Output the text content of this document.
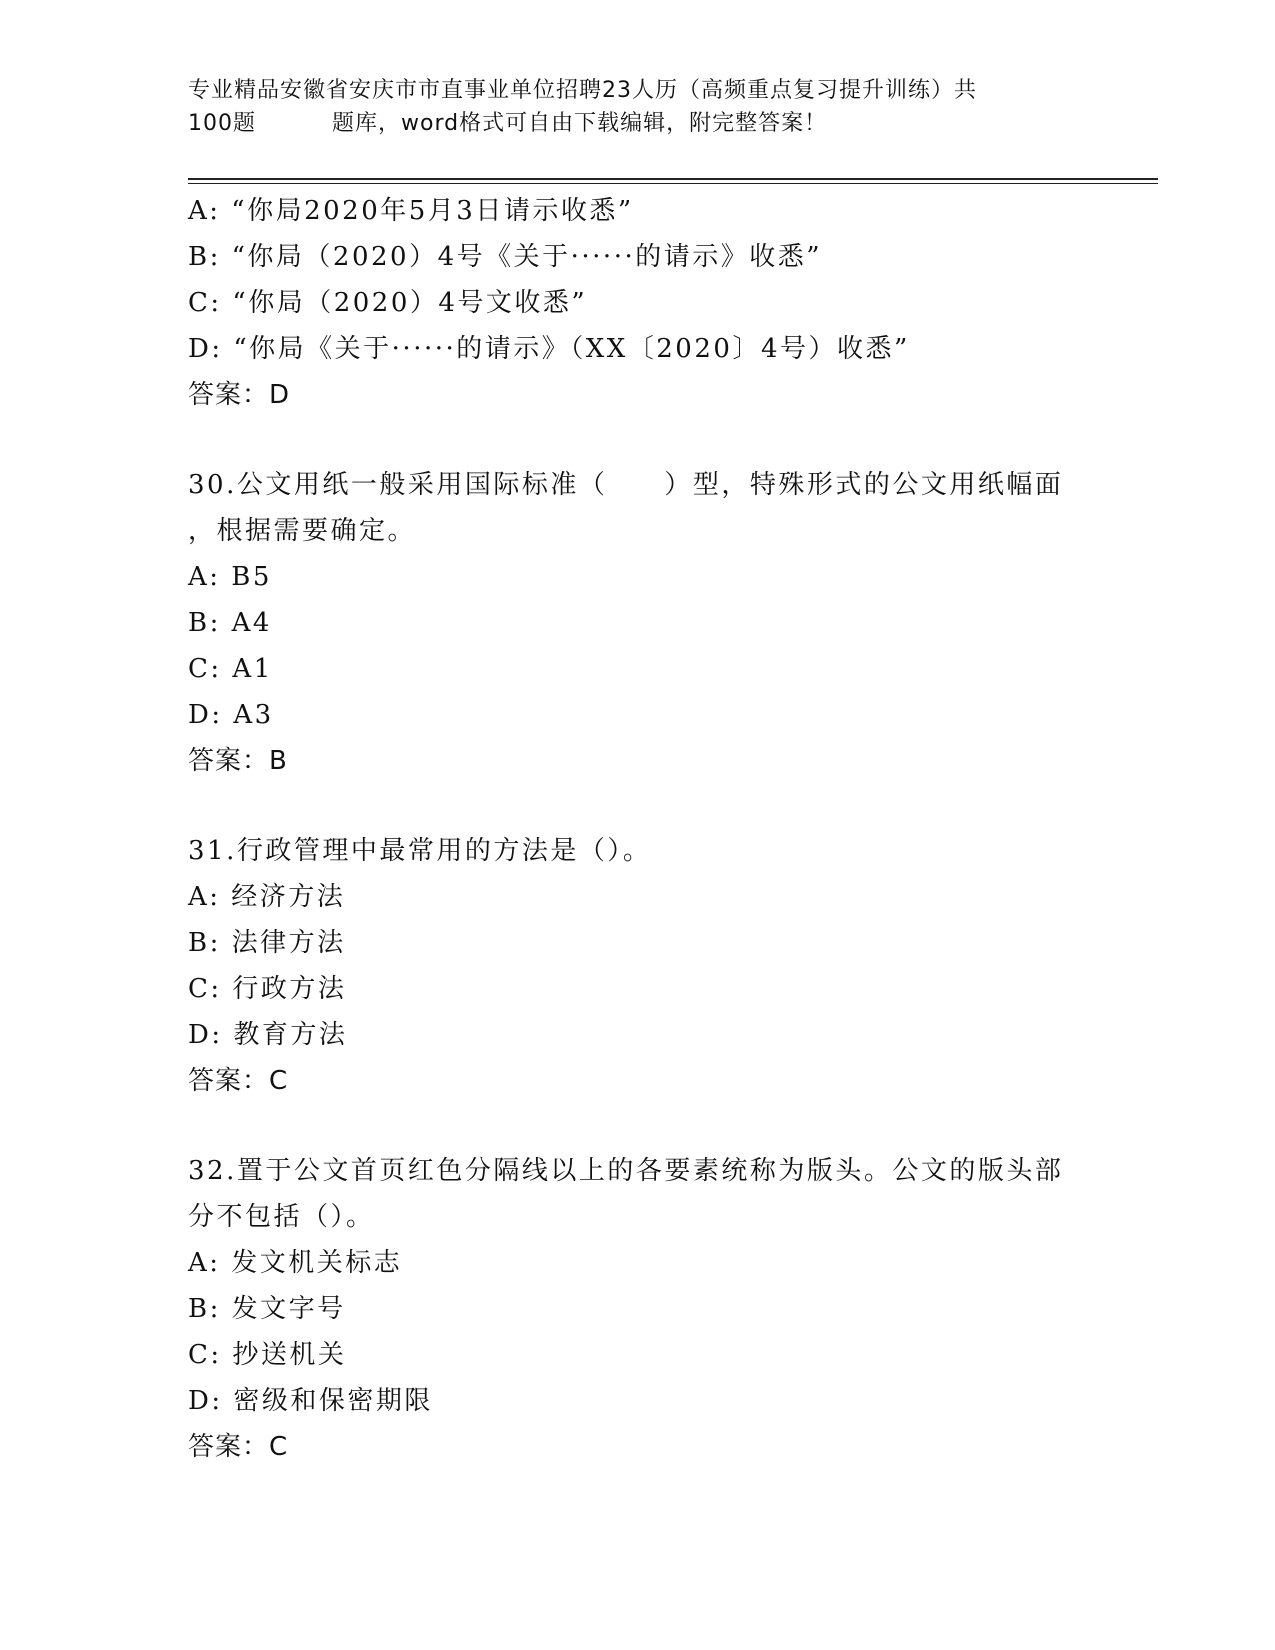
专业精品安徽省安庆市市直事业单位招聘23人历（高频重点复习提升训练）共
100题	题库，word格式可自由下载编辑，附完整答案！
A: “你局2020年5月3日请示收悉”
B: “你局（2020）4号《关于······的请示》收悉”
C: “你局（2020）4号文收悉”
D: “你局《关于······的请示》（XX〔2020〕4号）收悉”
答案：D
30.公文用纸一般采用国际标准（　　）型，特殊形式的公文用纸幅面
，根据需要确定。
A: B5
B: A4
C: A1
D: A3
答案：B
31.行政管理中最常用的方法是（）。
A: 经济方法
B: 法律方法
C: 行政方法
D: 教育方法
答案：C
32.置于公文首页红色分隔线以上的各要素统称为版头。公文的版头部
分不包括（）。
A: 发文机关标志
B: 发文字号
C: 抄送机关
D: 密级和保密期限
答案：C
